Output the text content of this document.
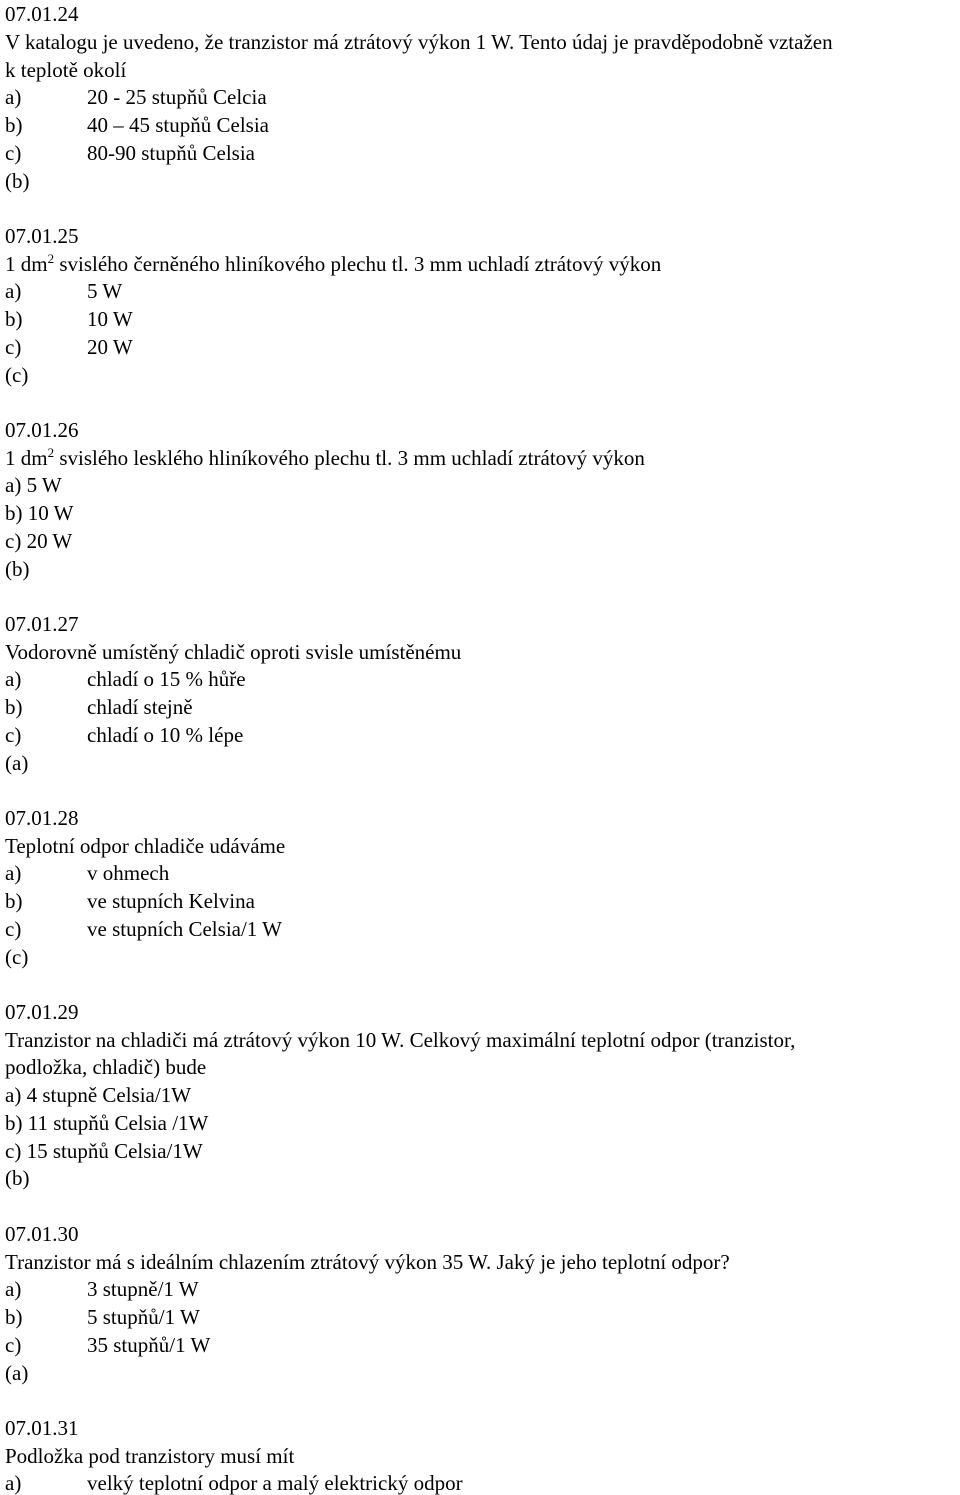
07.01.24
V katalogu je uvedeno, že tranzistor má ztrátový výkon 1 W. Tento údaj je pravděpodobně vztažen
k teplotě okolí
a)	20 - 25 stupňů Celcia
b)	40 – 45 stupňů Celsia
c)	80-90 stupňů Celsia
(b)
07.01.25
1 $dm^2$ svislého černěného hliníkového plechu tl. 3 mm uchladí ztrátový výkon
a)	5 W
b)	10 W
c)	20 W
(c)
07.01.26
1 $dm^2$ svislého lesklého hliníkového plechu tl. 3 mm uchladí ztrátový výkon
a) 5 W
b) 10 W
c) 20 W
(b)
07.01.27
Vodorovně umístěný chladič oproti svisle umístěnému
a)	chladí o 15 % hůře
b)	chladí stejně
c)	chladí o 10 % lépe
(a)
07.01.28
Teplotní odpor chladiče udáváme
a)	v ohmech
b)	ve stupních Kelvina
c)	ve stupních Celsia/1 W
(c)
07.01.29
Tranzistor na chladiči má ztrátový výkon 10 W. Celkový maximální teplotní odpor (tranzistor,
podložka, chladič) bude
a) 4 stupně Celsia/1W
b) 11 stupňů Celsia /1W
c) 15 stupňů Celsia/1W
(b)
07.01.30
Tranzistor má s ideálním chlazením ztrátový výkon 35 W. Jaký je jeho teplotní odpor?
a)	3 stupně/1 W
b)	5 stupňů/1 W
c)	35 stupňů/1 W
(a)
07.01.31
Podložka pod tranzistory musí mít
a)	velký teplotní odpor a malý elektrický odpor
